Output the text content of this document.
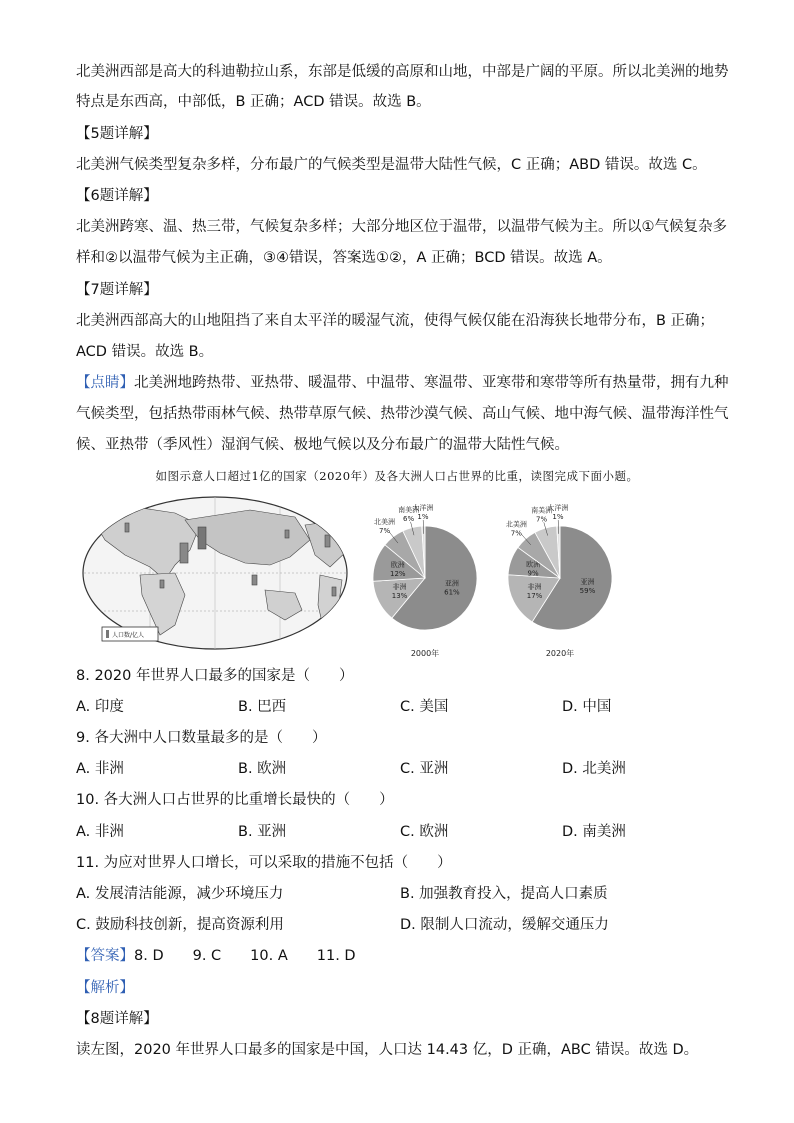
北美洲西部是高大的科迪勒拉山系，东部是低缓的高原和山地，中部是广阔的平原。所以北美洲的地势
特点是东西高，中部低，B 正确；ACD 错误。故选 B。
【5题详解】
北美洲气候类型复杂多样，分布最广的气候类型是温带大陆性气候，C 正确；ABD 错误。故选 C。
【6题详解】
北美洲跨寒、温、热三带，气候复杂多样；大部分地区位于温带，以温带气候为主。所以①气候复杂多
样和②以温带气候为主正确，③④错误，答案选①②，A 正确；BCD 错误。故选 A。
【7题详解】
北美洲西部高大的山地阻挡了来自太平洋的暖湿气流，使得气候仅能在沿海狭长地带分布，B 正确；
ACD 错误。故选 B。
【点睛】北美洲地跨热带、亚热带、暖温带、中温带、寒温带、亚寒带和寒带等所有热量带，拥有九种
气候类型，包括热带雨林气候、热带草原气候、热带沙漠气候、高山气候、地中海气候、温带海洋性气
候、亚热带（季风性）湿润气候、极地气候以及分布最广的温带大陆性气候。
如图示意人口超过1亿的国家（2020年）及各大洲人口占世界的比重，读图完成下面小题。
人口数/亿人
亚洲 61%
非洲 13%
欧洲 12%
北美洲 7%
南美洲 6%
大洋洲 1%
2000年
亚洲 59%
非洲 17%
欧洲 9%
北美洲 7%
南美洲 7%
大洋洲 1%
2020年
8. 2020 年世界人口最多的国家是（　　）
A. 印度	B. 巴西	C. 美国	D. 中国
9. 各大洲中人口数量最多的是（　　）
A. 非洲	B. 欧洲	C. 亚洲	D. 北美洲
10. 各大洲人口占世界的比重增长最快的（　　）
A. 非洲	B. 亚洲	C. 欧洲	D. 南美洲
11. 为应对世界人口增长，可以采取的措施不包括（　　）
A. 发展清洁能源，减少环境压力	B. 加强教育投入，提高人口素质
C. 鼓励科技创新，提高资源利用	D. 限制人口流动，缓解交通压力
【答案】8. D　　9. C　　10. A　　11. D
【解析】
【8题详解】
读左图，2020 年世界人口最多的国家是中国，人口达 14.43 亿，D 正确，ABC 错误。故选 D。
